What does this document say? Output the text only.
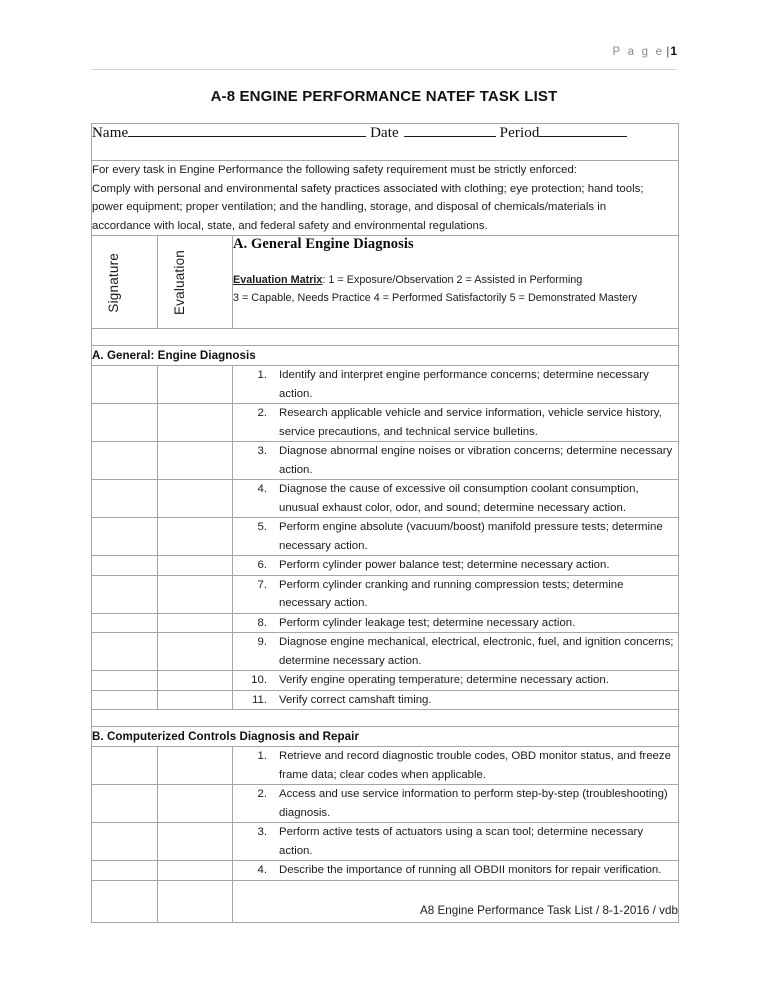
P a g e |1
A-8 ENGINE PERFORMANCE NATEF TASK LIST
Name Date Period		

For every task in Engine Performance the following safety requirement must be strictly enforced:
Comply with personal and environmental safety practices associated with clothing; eye protection; hand tools;
power equipment; proper ventilation; and the handling, storage, and disposal of chemicals/materials in
accordance with local, state, and federal safety and environmental regulations.		

Signature	Evaluation	A. General Engine Diagnosis
Evaluation Matrix: 1 = Exposure/Observation 2 = Assisted in Performing
3 = Capable, Needs Practice 4 = Performed Satisfactorily 5 = Demonstrated Mastery

A. General: Engine Diagnosis		

		1. Identify and interpret engine performance concerns; determine necessary action.

		2. Research applicable vehicle and service information, vehicle service history, service precautions, and technical service bulletins.

		3. Diagnose abnormal engine noises or vibration concerns; determine necessary action.

		4. Diagnose the cause of excessive oil consumption coolant consumption, unusual exhaust color, odor, and sound; determine necessary action.

		5. Perform engine absolute (vacuum/boost) manifold pressure tests; determine necessary action.

		6. Perform cylinder power balance test; determine necessary action.

		7. Perform cylinder cranking and running compression tests; determine necessary action.

		8. Perform cylinder leakage test; determine necessary action.

		9. Diagnose engine mechanical, electrical, electronic, fuel, and ignition concerns; determine necessary action.

		10. Verify engine operating temperature; determine necessary action.

		11. Verify correct camshaft timing.

B. Computerized Controls Diagnosis and Repair		

		1. Retrieve and record diagnostic trouble codes, OBD monitor status, and freeze frame data; clear codes when applicable.

		2. Access and use service information to perform step-by-step (troubleshooting) diagnosis.

		3. Perform active tests of actuators using a scan tool; determine necessary action.

		4. Describe the importance of running all OBDII monitors for repair verification.

A8 Engine Performance Task List / 8-1-2016 / vdb
